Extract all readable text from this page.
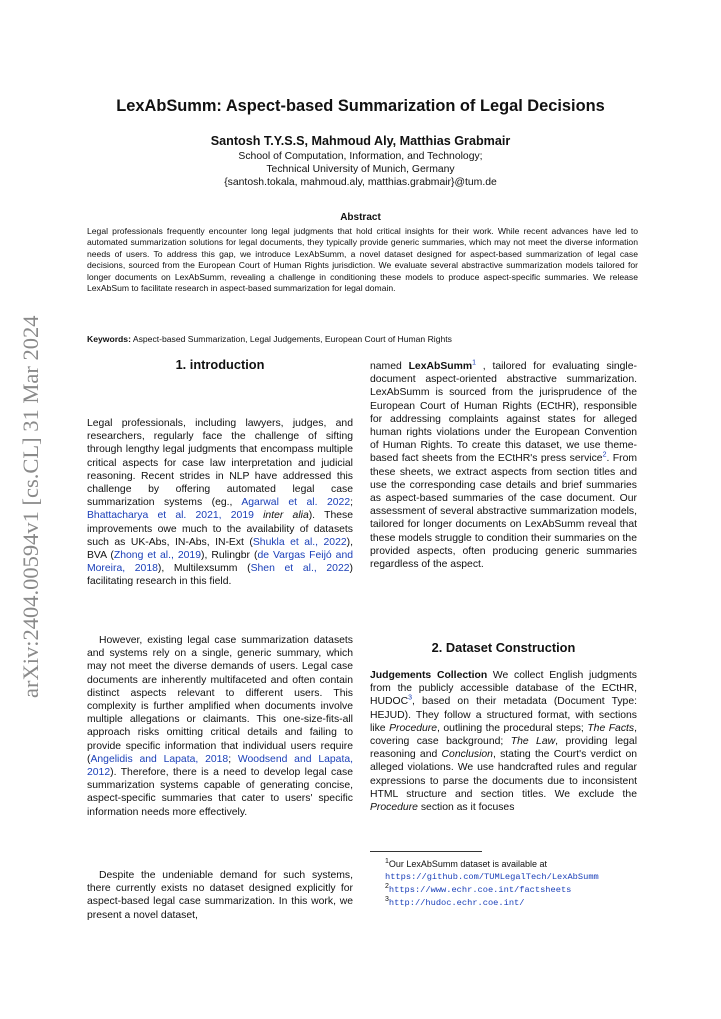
arXiv:2404.00594v1 [cs.CL] 31 Mar 2024
LexAbSumm: Aspect-based Summarization of Legal Decisions
Santosh T.Y.S.S, Mahmoud Aly, Matthias Grabmair
School of Computation, Information, and Technology;
Technical University of Munich, Germany
{santosh.tokala, mahmoud.aly, matthias.grabmair}@tum.de
Abstract
Legal professionals frequently encounter long legal judgments that hold critical insights for their work. While recent advances have led to automated summarization solutions for legal documents, they typically provide generic summaries, which may not meet the diverse information needs of users. To address this gap, we introduce LexAbSumm, a novel dataset designed for aspect-based summarization of legal case decisions, sourced from the European Court of Human Rights jurisdiction. We evaluate several abstractive summarization models tailored for longer documents on LexAbSumm, revealing a challenge in conditioning these models to produce aspect-specific summaries. We release LexAbSum to facilitate research in aspect-based summarization for legal domain.
Keywords: Aspect-based Summarization, Legal Judgements, European Court of Human Rights
1. introduction

Legal professionals, including lawyers, judges, and researchers, regularly face the challenge of sifting through lengthy legal judgments that encompass multiple critical aspects for case law interpretation and judicial reasoning. Recent strides in NLP have addressed this challenge by offering automated legal case summarization systems (eg., Agarwal et al. 2022; Bhattacharya et al. 2021, 2019 inter alia). These improvements owe much to the availability of datasets such as UK-Abs, IN-Abs, IN-Ext (Shukla et al., 2022), BVA (Zhong et al., 2019), Rulingbr (de Vargas Feijó and Moreira, 2018), Multilexsumm (Shen et al., 2022) facilitating research in this field.

However, existing legal case summarization datasets and systems rely on a single, generic summary, which may not meet the diverse demands of users. Legal case documents are inherently multifaceted and often contain distinct aspects relevant to different users. This complexity is further amplified when documents involve multiple allegations or claimants. This one-size-fits-all approach risks omitting critical details and failing to provide specific information that individual users require (Angelidis and Lapata, 2018; Woodsend and Lapata, 2012). Therefore, there is a need to develop legal case summarization systems capable of generating concise, aspect-specific summaries that cater to users' specific information needs more effectively.

Despite the undeniable demand for such systems, there currently exists no dataset designed explicitly for aspect-based legal case summarization. In this work, we present a novel dataset,

named LexAbSumm$^1$ , tailored for evaluating single-document aspect-oriented abstractive summarization. LexAbSumm is sourced from the jurisprudence of the European Court of Human Rights (ECtHR), responsible for addressing complaints against states for alleged human rights violations under the European Convention of Human Rights. To create this dataset, we use theme-based fact sheets from the ECtHR's press service$^2$. From these sheets, we extract aspects from section titles and use the corresponding case details and brief summaries as aspect-based summaries of the case document. Our assessment of several abstractive summarization models, tailored for longer documents on LexAbSumm reveal that these models struggle to condition their summaries on the provided aspects, often producing generic summaries regardless of the aspect.

2. Dataset Construction

Judgements Collection We collect English judgments from the publicly accessible database of the ECtHR, HUDOC$^3$, based on their metadata (Document Type: HEJUD). They follow a structured format, with sections like Procedure, outlining the procedural steps; The Facts, covering case background; The Law, providing legal reasoning and Conclusion, stating the Court's verdict on alleged violations. We use handcrafted rules and regular expressions to parse the documents due to inconsistent HTML structure and section titles. We exclude the Procedure section as it focuses

$^1$Our LexAbSumm dataset is available at https://github.com/TUMLegalTech/LexAbSumm
$^2$https://www.echr.coe.int/factsheets
$^3$http://hudoc.echr.coe.int/
